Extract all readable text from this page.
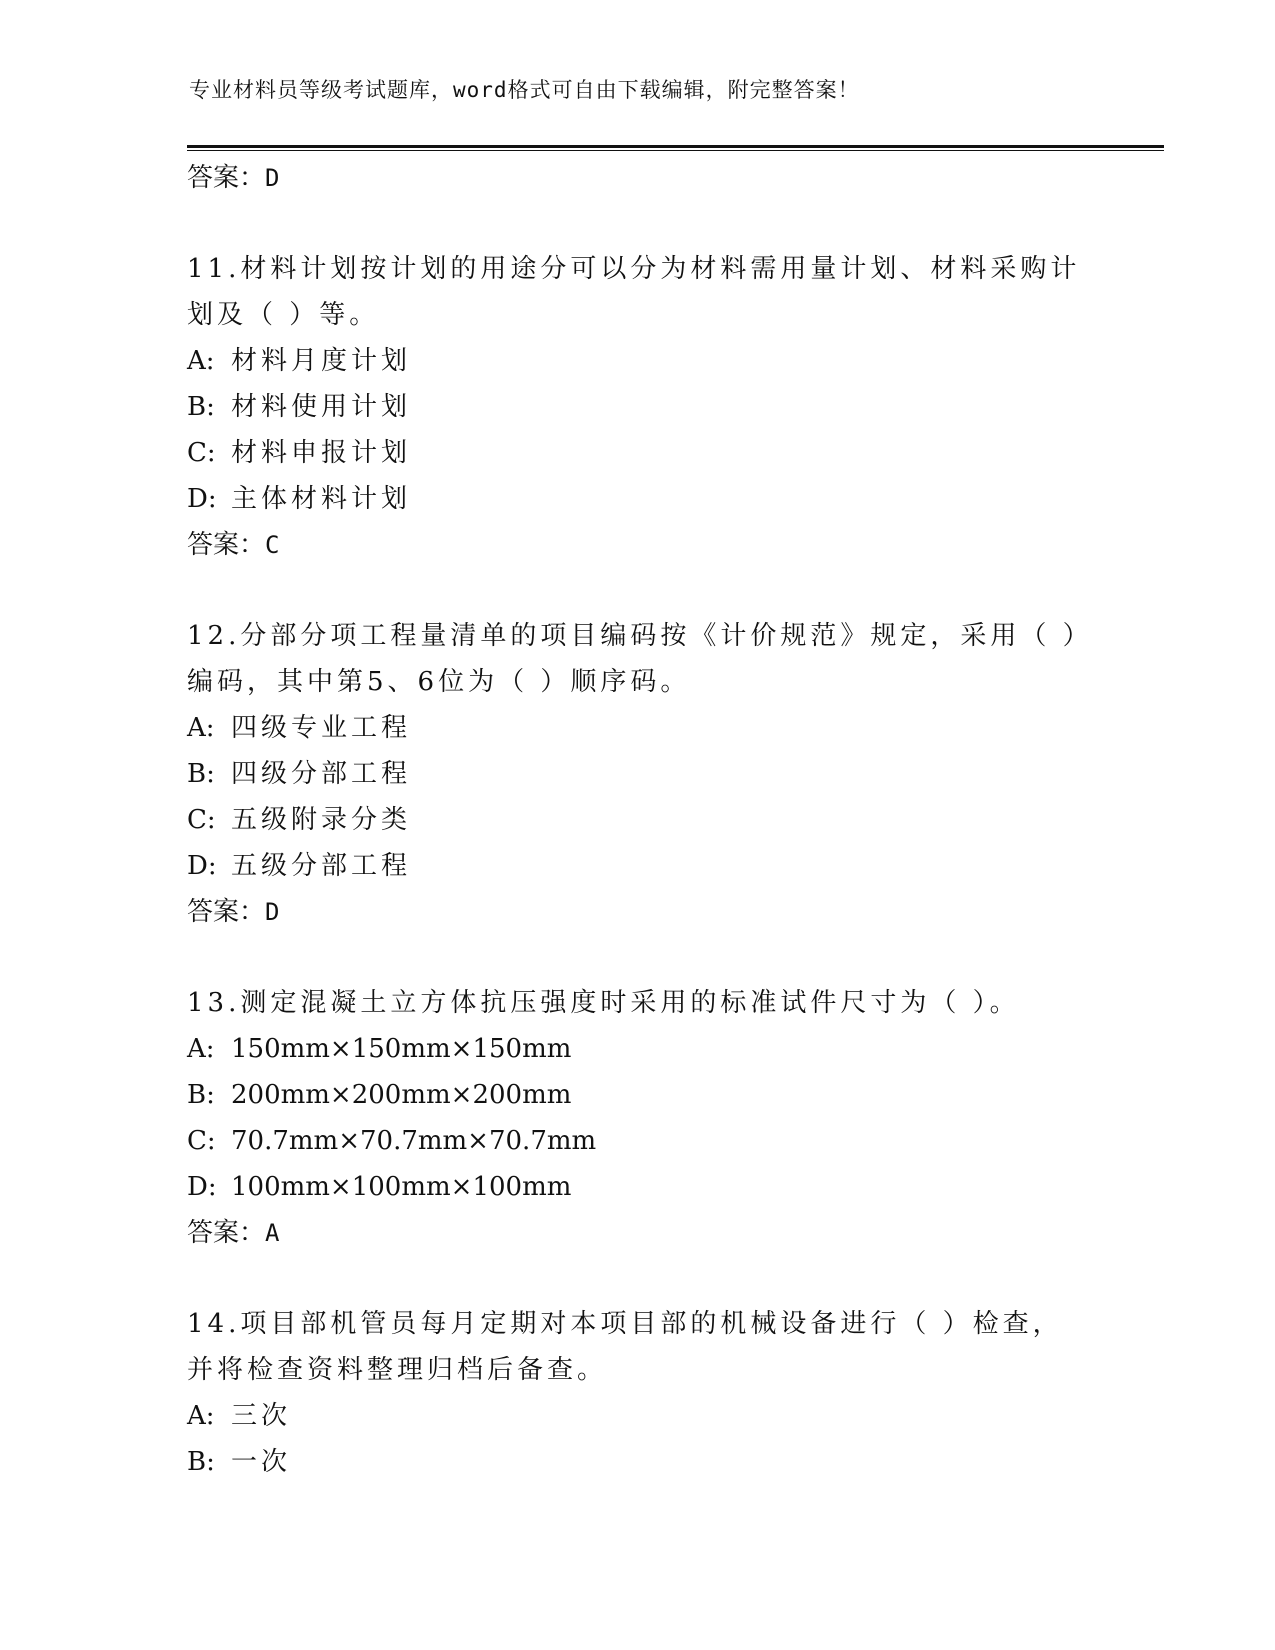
专业材料员等级考试题库，word格式可自由下载编辑，附完整答案！
答案：D

11.材料计划按计划的用途分可以分为材料需用量计划、材料采购计划及（ ）等。

A: 材料月度计划
B: 材料使用计划
C: 材料申报计划
D: 主体材料计划
答案：C

12.分部分项工程量清单的项目编码按《计价规范》规定，采用（ ）编码，其中第5、6位为（ ）顺序码。

A: 四级专业工程
B: 四级分部工程
C: 五级附录分类
D: 五级分部工程
答案：D

13.测定混凝土立方体抗压强度时采用的标准试件尺寸为（ ）。

A: 150mm×150mm×150mm
B: 200mm×200mm×200mm
C: 70.7mm×70.7mm×70.7mm
D: 100mm×100mm×100mm
答案：A

14.项目部机管员每月定期对本项目部的机械设备进行（ ）检查，并将检查资料整理归档后备查。

A: 三次
B: 一次
